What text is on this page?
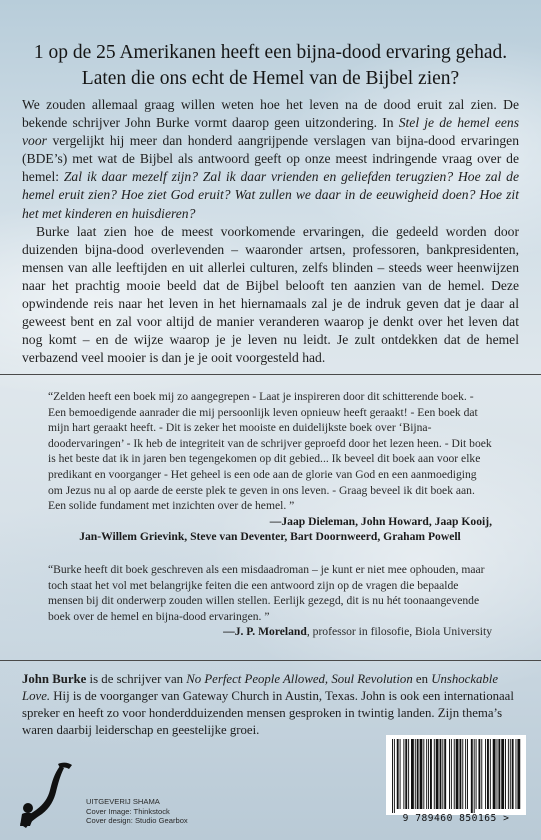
1 op de 25 Amerikanen heeft een bijna-dood ervaring gehad.
Laten die ons echt de Hemel van de Bijbel zien?

We zouden allemaal graag willen weten hoe het leven na de dood eruit zal zien. De bekende schrijver John Burke vormt daarop geen uitzondering. In Stel je de hemel eens voor vergelijkt hij meer dan honderd aangrijpende verslagen van bijna-dood ervaringen (BDE’s) met wat de Bijbel als antwoord geeft op onze meest indringende vraag over de hemel: Zal ik daar mezelf zijn? Zal ik daar vrienden en geliefden terugzien? Hoe zal de hemel eruit zien? Hoe ziet God eruit? Wat zullen we daar in de eeuwigheid doen? Hoe zit het met kinderen en huisdieren?

Burke laat zien hoe de meest voorkomende ervaringen, die gedeeld worden door duizenden bijna-dood overlevenden – waaronder artsen, professoren, bankpresidenten, mensen van alle leeftijden en uit allerlei culturen, zelfs blinden – steeds weer heenwijzen naar het prachtig mooie beeld dat de Bijbel belooft ten aanzien van de hemel. Deze opwindende reis naar het leven in het hiernamaals zal je de indruk geven dat je daar al geweest bent en zal voor altijd de manier veranderen waarop je denkt over het leven dat nog komt – en de wijze waarop je je leven nu leidt. Je zult ontdekken dat de hemel verbazend veel mooier is dan je je ooit voorgesteld had.

“Zelden heeft een boek mij zo aangegrepen - Laat je inspireren door dit schitterende boek. - Een bemoedigende aanrader die mij persoonlijk leven opnieuw heeft geraakt! - Een boek dat mijn hart geraakt heeft. - Dit is zeker het mooiste en duidelijkste boek over ‘Bijna-doodervaringen’ - Ik heb de integriteit van de schrijver geproefd door het lezen heen. - Dit boek is het beste dat ik in jaren ben tegengekomen op dit gebied... Ik beveel dit boek aan voor elke predikant en voorganger - Het geheel is een ode aan de glorie van God en een aanmoediging om Jezus nu al op aarde de eerste plek te geven in ons leven. - Graag beveel ik dit boek aan. Een solide fundament met inzichten over de hemel. ”

—Jaap Dieleman, John Howard, Jaap Kooij,

Jan-Willem Grievink, Steve van Deventer, Bart Doornweerd, Graham Powell

“Burke heeft dit boek geschreven als een misdaadroman – je kunt er niet mee ophouden, maar toch staat het vol met belangrijke feiten die een antwoord zijn op de vragen die bepaalde mensen bij dit onderwerp zouden willen stellen. Eerlijk gezegd, dit is nu hét toonaangevende boek over de hemel en bijna-dood ervaringen. ”

—J. P. Moreland, professor in filosofie, Biola University

John Burke is de schrijver van No Perfect People Allowed, Soul Revolution en Unshockable Love. Hij is de voorganger van Gateway Church in Austin, Texas. John is ook een internationaal spreker en heeft zo voor honderdduizenden mensen gesproken in twintig landen. Zijn thema’s waren daarbij leiderschap en geestelijke groei.

UITGEVERIJ SHAMA
Cover Image: Thinkstock
Cover design: Studio Gearbox	9 789460 850165 >
